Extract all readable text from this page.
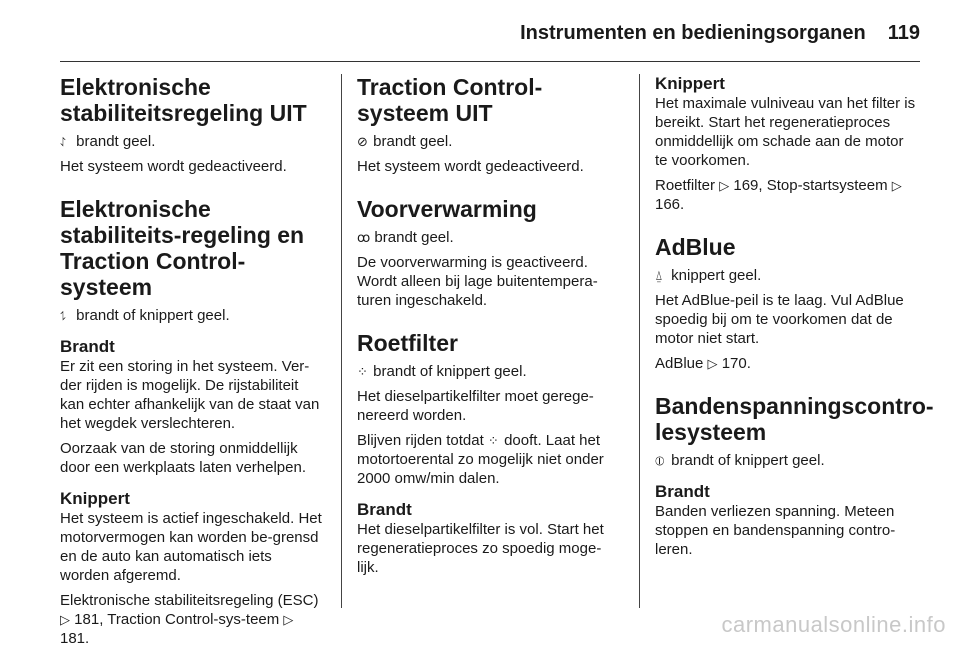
Instrumenten en bedieningsorganen 119
Elektronische stabiliteitsregeling UIT

⥌ brandt geel.

Het systeem wordt gedeactiveerd.

Elektronische stabiliteits-regeling en Traction Control-systeem

⥍ brandt of knippert geel.

Brandt

Er zit een storing in het systeem. Ver-der rijden is mogelijk. De rijstabiliteit kan echter afhankelijk van de staat van het wegdek verslechteren.

Oorzaak van de storing onmiddellijk door een werkplaats laten verhelpen.

Knippert

Het systeem is actief ingeschakeld. Het motorvermogen kan worden be-grensd en de auto kan automatisch iets worden afgeremd.

Elektronische stabiliteitsregeling (ESC) ▷ 181, Traction Control-sys-teem ▷ 181.

Traction Control-systeem UIT

⊘ brandt geel.

Het systeem wordt gedeactiveerd.

Voorverwarming

ꝏ brandt geel.

De voorverwarming is geactiveerd. Wordt alleen bij lage buitentempera-turen ingeschakeld.

Roetfilter

⁘ brandt of knippert geel.

Het dieselpartikelfilter moet gerege-nereerd worden.

Blijven rijden totdat ⁘ dooft. Laat het motortoerental zo mogelijk niet onder 2000 omw/min dalen.

Brandt

Het dieselpartikelfilter is vol. Start het regeneratieproces zo spoedig moge-lijk.

Knippert

Het maximale vulniveau van het filter is bereikt. Start het regeneratieproces onmiddellijk om schade aan de motor te voorkomen.

Roetfilter ▷ 169, Stop-startsysteem ▷ 166.

AdBlue

⍙ knippert geel.

Het AdBlue-peil is te laag. Vul AdBlue spoedig bij om te voorkomen dat de motor niet start.

AdBlue ▷ 170.

Bandenspanningscontro-lesysteem

⦶ brandt of knippert geel.

Brandt

Banden verliezen spanning. Meteen stoppen en bandenspanning contro-leren.

carmanualsonline.info
